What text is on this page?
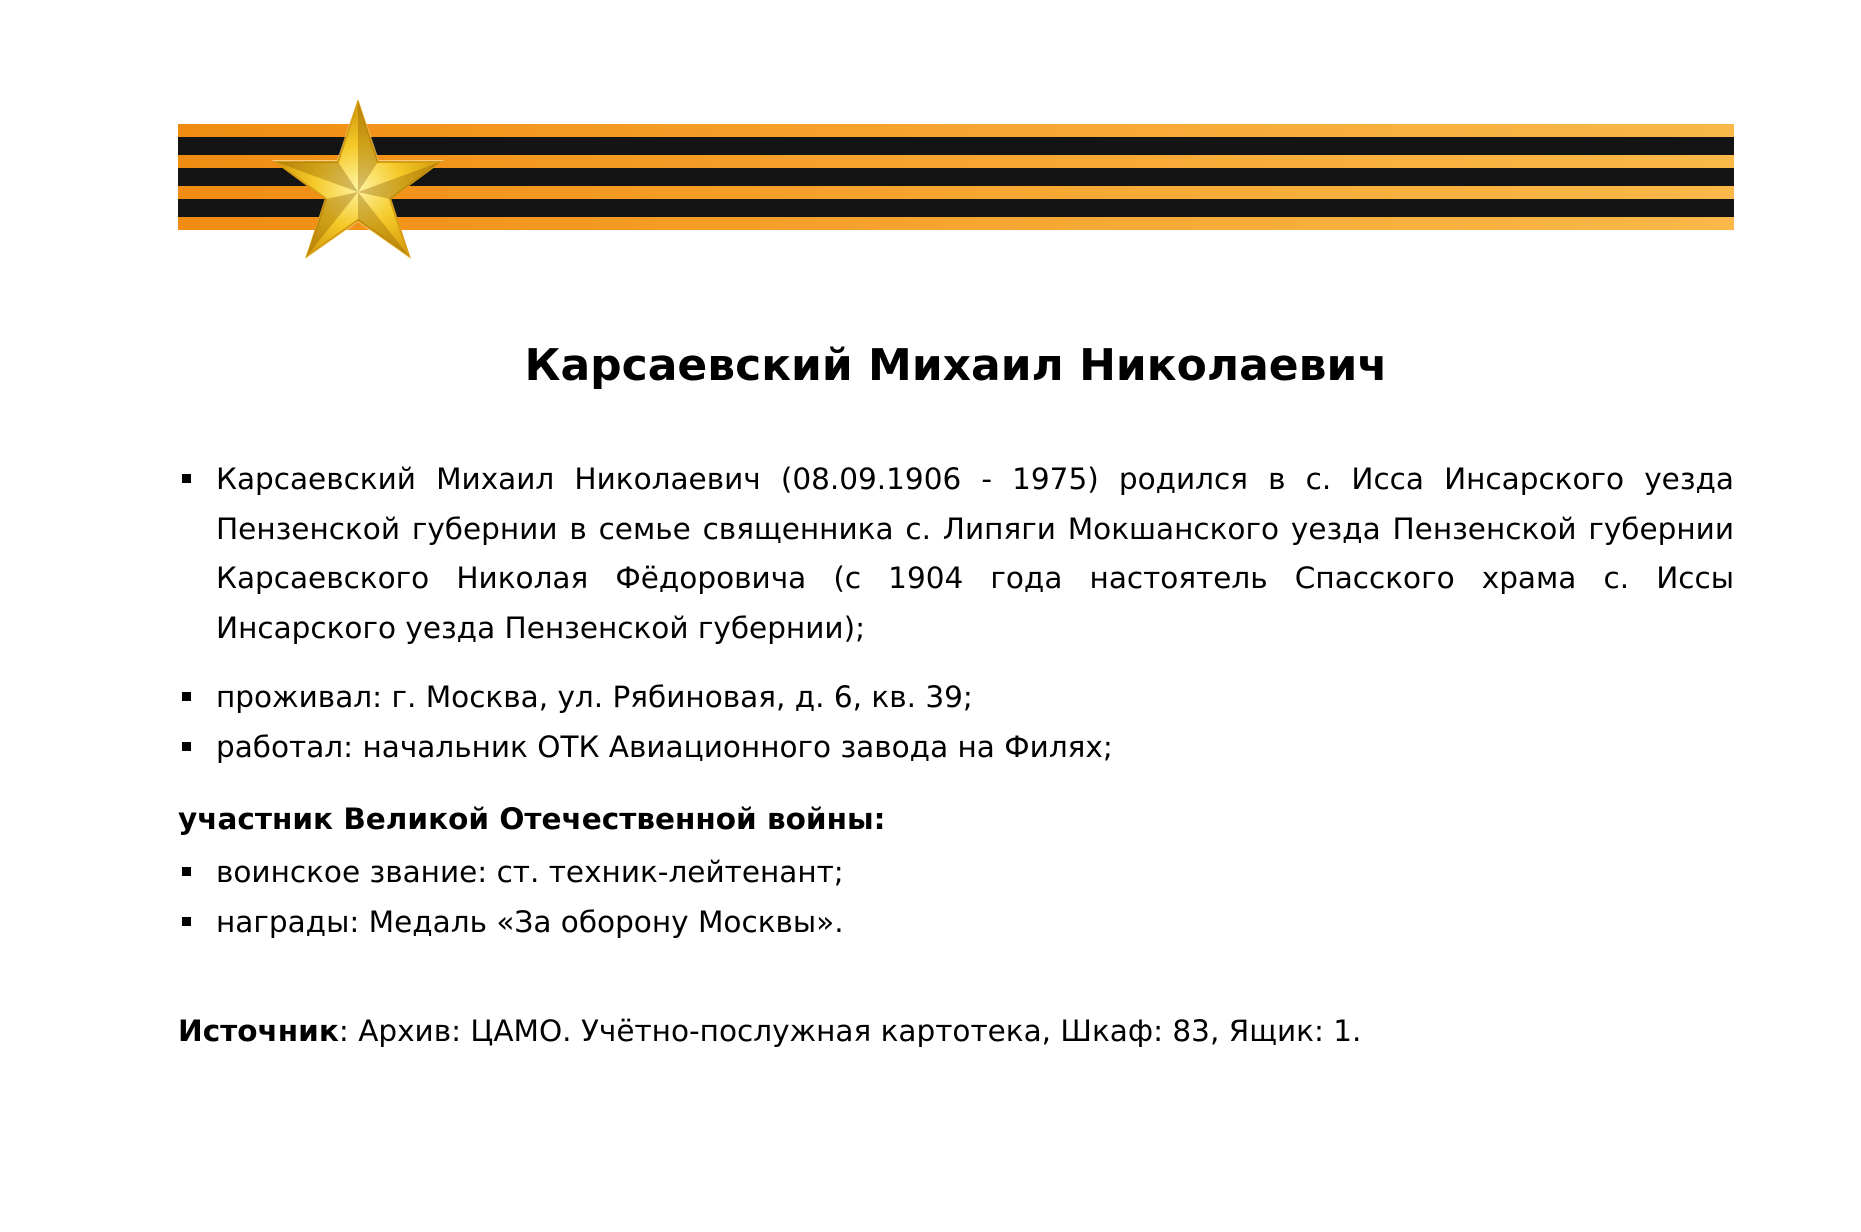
Карсаевский Михаил Николаевич
Карсаевский Михаил Николаевич (08.09.1906 - 1975) родился в с. Исса Инсарского уезда Пензенской губернии в семье священника с. Липяги Мокшанского уезда Пензенской губернии Карсаевского Николая Фёдоровича (с 1904 года настоятель Спасского храма с. Иссы Инсарского уезда Пензенской губернии);
проживал: г. Москва, ул. Рябиновая, д. 6, кв. 39;
работал: начальник ОТК Авиационного завода на Филях;

участник Великой Отечественной войны:

воинское звание: ст. техник-лейтенант;
награды: Медаль «За оборону Москвы».

Источник: Архив: ЦАМО. Учётно-послужная картотека, Шкаф: 83, Ящик: 1.
